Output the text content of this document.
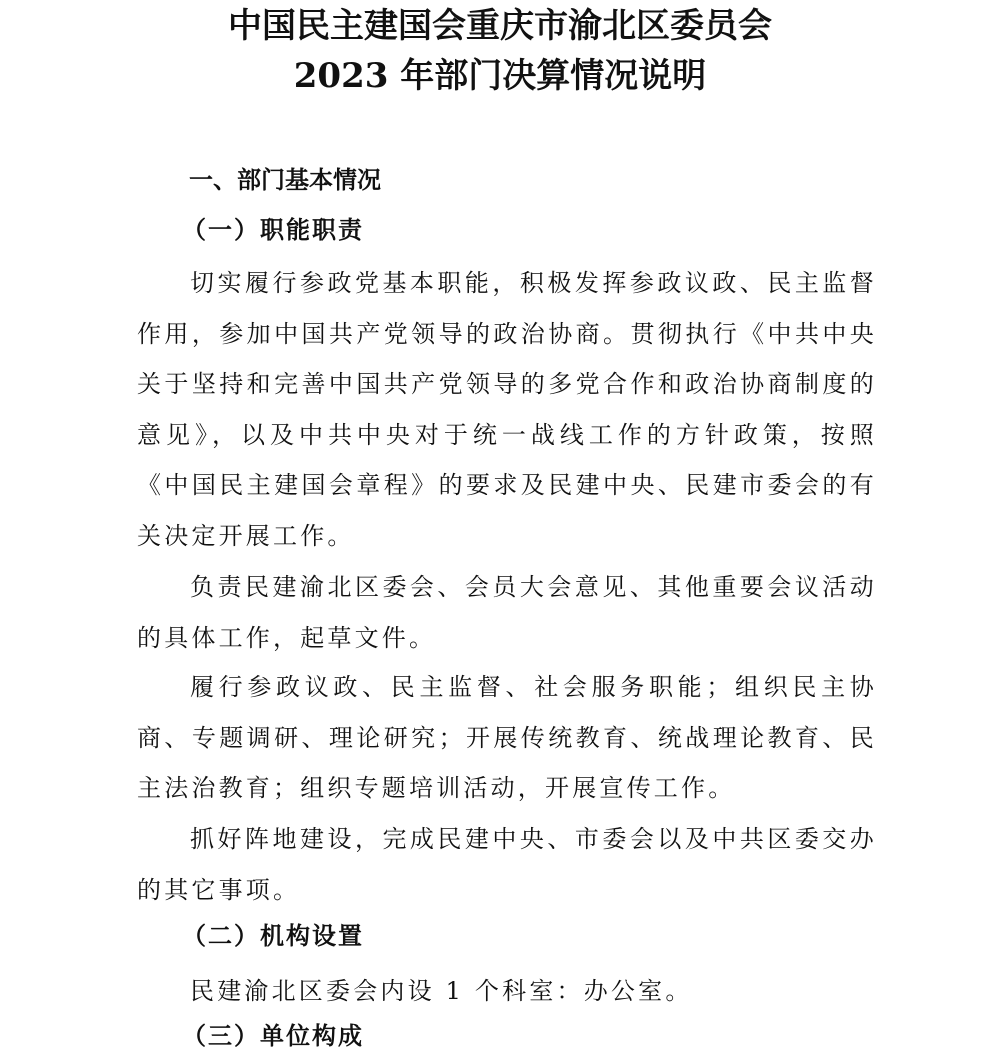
中国民主建国会重庆市渝北区委员会
2023 年部门决算情况说明
一、部门基本情况
（一）职能职责

切实履行参政党基本职能，积极发挥参政议政、民主监督作用，参加中国共产党领导的政治协商。贯彻执行《中共中央关于坚持和完善中国共产党领导的多党合作和政治协商制度的意见》，以及中共中央对于统一战线工作的方针政策，按照《中国民主建国会章程》的要求及民建中央、民建市委会的有关决定开展工作。

负责民建渝北区委会、会员大会意见、其他重要会议活动的具体工作，起草文件。

履行参政议政、民主监督、社会服务职能；组织民主协商、专题调研、理论研究；开展传统教育、统战理论教育、民主法治教育；组织专题培训活动，开展宣传工作。

抓好阵地建设，完成民建中央、市委会以及中共区委交办的其它事项。

（二）机构设置

民建渝北区委会内设 1 个科室：办公室。

（三）单位构成
